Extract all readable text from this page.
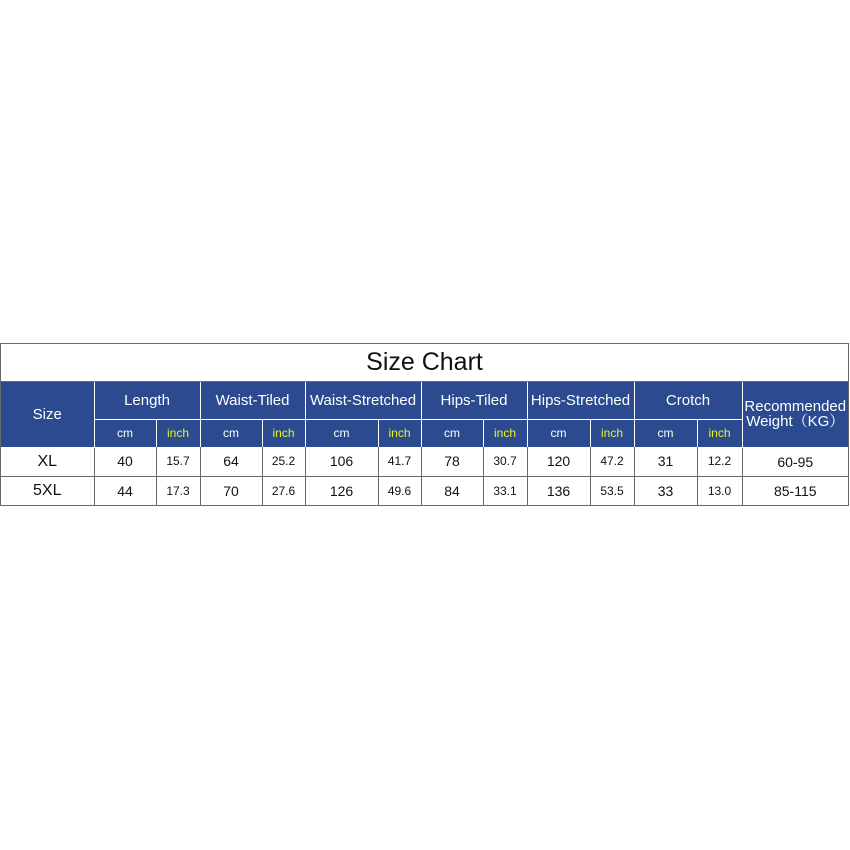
Size Chart
Size	Length		Waist-Tiled		Waist-Stretched		Hips-Tiled		Hips-Stretched		Crotch		Recommended
Weight（KG）
	cm	inch	cm	inch	cm	inch	cm	inch	cm	inch	cm	inch	
XL	40	15.7	64	25.2	106	41.7	78	30.7	120	47.2	31	12.2	60-95
5XL	44	17.3	70	27.6	126	49.6	84	33.1	136	53.5	33	13.0	85-115
